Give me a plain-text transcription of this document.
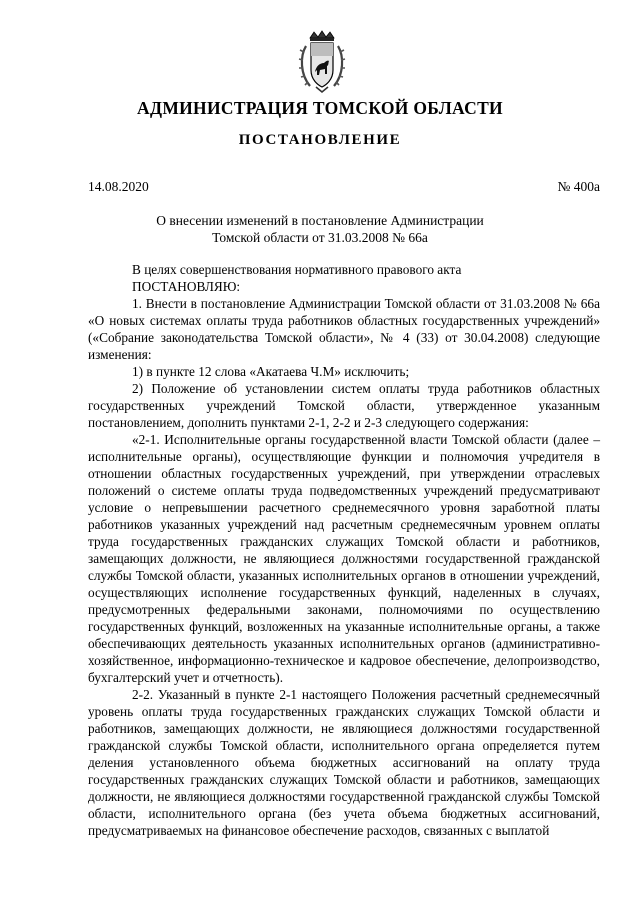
АДМИНИСТРАЦИЯ ТОМСКОЙ ОБЛАСТИ
ПОСТАНОВЛЕНИЕ
14.08.2020	№ 400а
О внесении изменений в постановление Администрации
Томской области от 31.03.2008 № 66а

В целях совершенствования нормативного правового акта

ПОСТАНОВЛЯЮ:

1. Внести в постановление Администрации Томской области от 31.03.2008 № 66а «О новых системах оплаты труда работников областных государственных учреждений» («Собрание законодательства Томской области», № 4 (33) от 30.04.2008) следующие изменения:

1) в пункте 12 слова «Акатаева Ч.М» исключить;

2) Положение об установлении систем оплаты труда работников областных государственных учреждений Томской области, утвержденное указанным постановлением, дополнить пунктами 2-1, 2-2 и 2-3 следующего содержания:

«2-1. Исполнительные органы государственной власти Томской области (далее – исполнительные органы), осуществляющие функции и полномочия учредителя в отношении областных государственных учреждений, при утверждении отраслевых положений о системе оплаты труда подведомственных учреждений предусматривают условие о непревышении расчетного среднемесячного уровня заработной платы работников указанных учреждений над расчетным среднемесячным уровнем оплаты труда государственных гражданских служащих Томской области и работников, замещающих должности, не являющиеся должностями государственной гражданской службы Томской области, указанных исполнительных органов в отношении учреждений, осуществляющих исполнение государственных функций, наделенных в случаях, предусмотренных федеральными законами, полномочиями по осуществлению государственных функций, возложенных на указанные исполнительные органы, а также обеспечивающих деятельность указанных исполнительных органов (административно-хозяйственное, информационно-техническое и кадровое обеспечение, делопроизводство, бухгалтерский учет и отчетность).

2-2. Указанный в пункте 2-1 настоящего Положения расчетный среднемесячный уровень оплаты труда государственных гражданских служащих Томской области и работников, замещающих должности, не являющиеся должностями государственной гражданской службы Томской области, исполнительного органа определяется путем деления установленного объема бюджетных ассигнований на оплату труда государственных гражданских служащих Томской области и работников, замещающих должности, не являющиеся должностями государственной гражданской службы Томской области, исполнительного органа (без учета объема бюджетных ассигнований, предусматриваемых на финансовое обеспечение расходов, связанных с выплатой
